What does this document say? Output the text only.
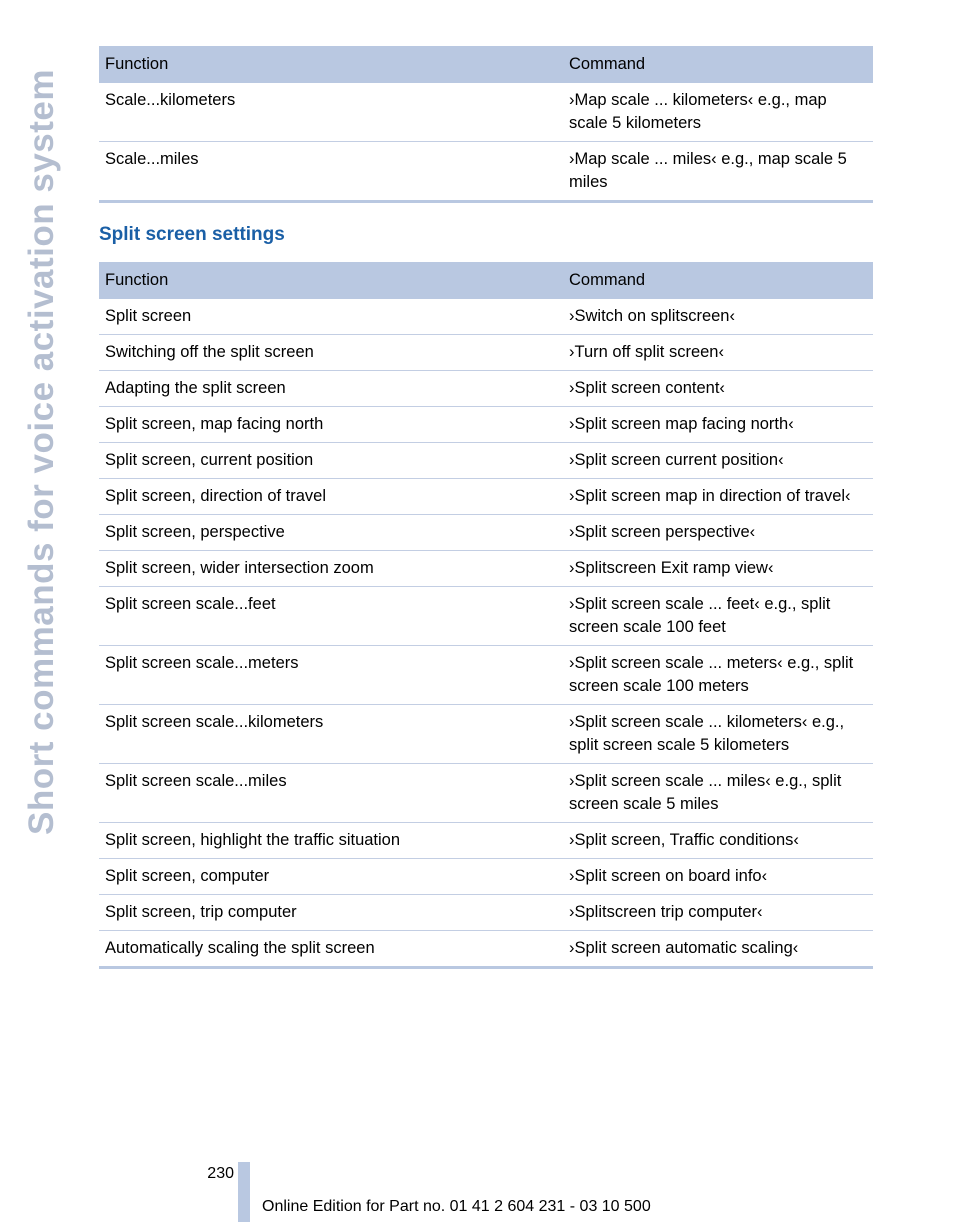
Short commands for voice activation system
Function	Command
Scale...kilometers	›Map scale ... kilometers‹ e.g., map scale 5 kilometers
Scale...miles	›Map scale ... miles‹ e.g., map scale 5 miles
Split screen settings
Function	Command
Split screen	›Switch on splitscreen‹
Switching off the split screen	›Turn off split screen‹
Adapting the split screen	›Split screen content‹
Split screen, map facing north	›Split screen map facing north‹
Split screen, current position	›Split screen current position‹
Split screen, direction of travel	›Split screen map in direction of travel‹
Split screen, perspective	›Split screen perspective‹
Split screen, wider intersection zoom	›Splitscreen Exit ramp view‹
Split screen scale...feet	›Split screen scale ... feet‹ e.g., split screen scale 100 feet
Split screen scale...meters	›Split screen scale ... meters‹ e.g., split screen scale 100 meters
Split screen scale...kilometers	›Split screen scale ... kilometers‹ e.g., split screen scale 5 kilometers
Split screen scale...miles	›Split screen scale ... miles‹ e.g., split screen scale 5 miles
Split screen, highlight the traffic situation	›Split screen, Traffic conditions‹
Split screen, computer	›Split screen on board info‹
Split screen, trip computer	›Splitscreen trip computer‹
Automatically scaling the split screen	›Split screen automatic scaling‹
230
Online Edition for Part no. 01 41 2 604 231 - 03 10 500
